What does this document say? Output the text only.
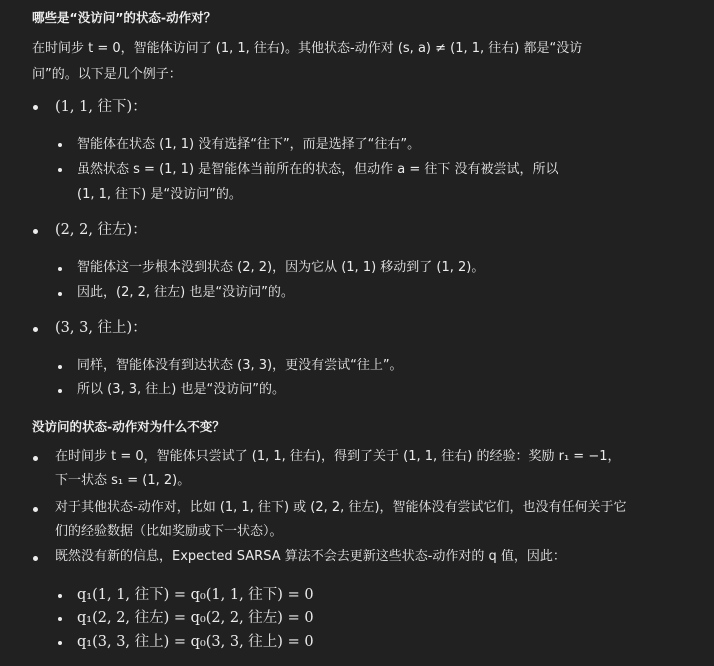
哪些是“没访问”的状态-动作对？
在时间步 t = 0，智能体访问了 (1, 1, 往右)。其他状态-动作对 (s, a) ≠ (1, 1, 往右) 都是“没访
问”的。以下是几个例子：
(1, 1, 往下)：
智能体在状态 (1, 1) 没有选择“往下”，而是选择了“往右”。
虽然状态 s = (1, 1) 是智能体当前所在的状态，但动作 a = 往下 没有被尝试，所以
(1, 1, 往下) 是“没访问”的。
(2, 2, 往左)：
智能体这一步根本没到状态 (2, 2)，因为它从 (1, 1) 移动到了 (1, 2)。
因此，(2, 2, 往左) 也是“没访问”的。
(3, 3, 往上)：
同样，智能体没有到达状态 (3, 3)，更没有尝试“往上”。
所以 (3, 3, 往上) 也是“没访问”的。
没访问的状态-动作对为什么不变？
在时间步 t = 0，智能体只尝试了 (1, 1, 往右)，得到了关于 (1, 1, 往右) 的经验：奖励 r₁ = −1，
下一状态 s₁ = (1, 2)。
对于其他状态-动作对，比如 (1, 1, 往下) 或 (2, 2, 往左)，智能体没有尝试它们，也没有任何关于它
们的经验数据（比如奖励或下一状态）。
既然没有新的信息，Expected SARSA 算法不会去更新这些状态-动作对的 q 值，因此：
q₁(1, 1, 往下) = q₀(1, 1, 往下) = 0
q₁(2, 2, 往左) = q₀(2, 2, 往左) = 0
q₁(3, 3, 往上) = q₀(3, 3, 往上) = 0
